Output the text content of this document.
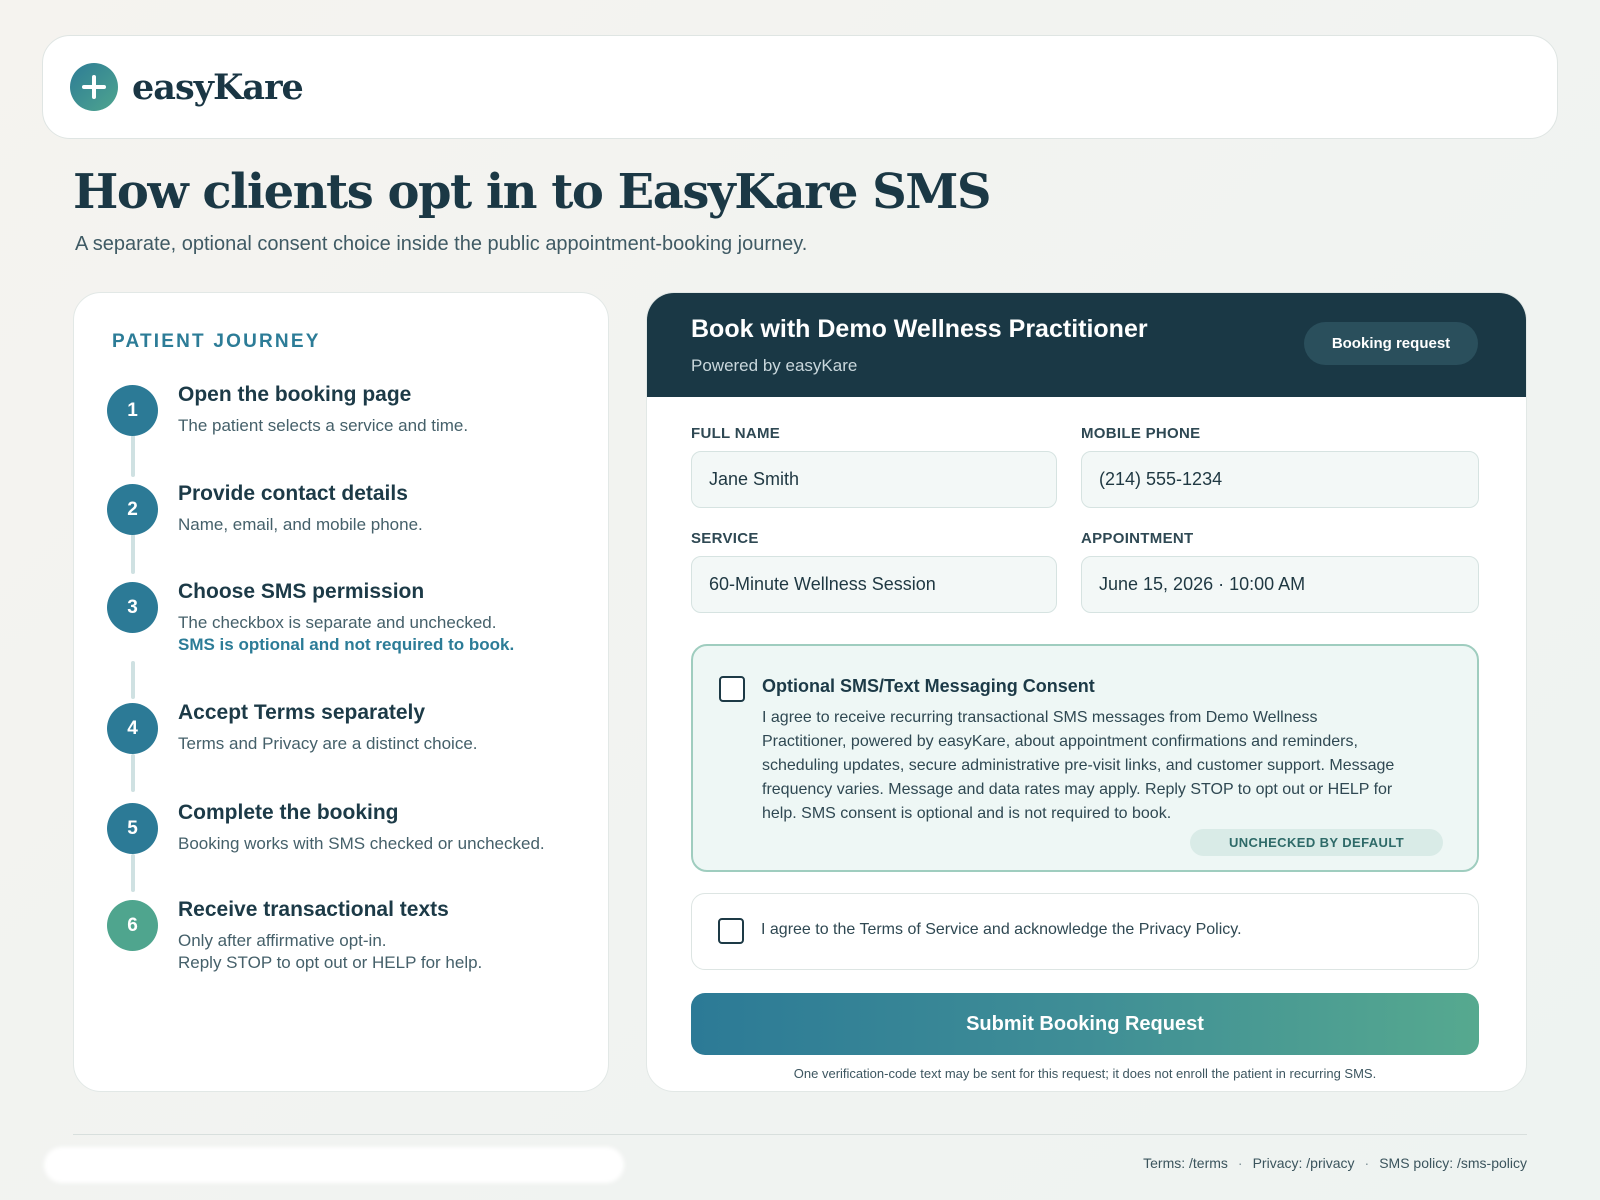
easyKare
How clients opt in to EasyKare SMS

A separate, optional consent choice inside the public appointment-booking journey.

PATIENT JOURNEY
1
Open the booking page
The patient selects a service and time.
2
Provide contact details
Name, email, and mobile phone.
3
Choose SMS permission
The checkbox is separate and unchecked.
SMS is optional and not required to book.
4
Accept Terms separately
Terms and Privacy are a distinct choice.
5
Complete the booking
Booking works with SMS checked or unchecked.
6
Receive transactional texts
Only after affirmative opt-in.
Reply STOP to opt out or HELP for help.
Book with Demo Wellness Practitioner
Powered by easyKare
Booking request
FULL NAME
Jane Smith
MOBILE PHONE
(214) 555-1234
SERVICE
60-Minute Wellness Session
APPOINTMENT
June 15, 2026 · 10:00 AM
Optional SMS/Text Messaging Consent
I agree to receive recurring transactional SMS messages from Demo Wellness Practitioner, powered by easyKare, about appointment confirmations and reminders, scheduling updates, secure administrative pre-visit links, and customer support. Message frequency varies. Message and data rates may apply. Reply STOP to opt out or HELP for help. SMS consent is optional and is not required to book.
UNCHECKED BY DEFAULT
I agree to the Terms of Service and acknowledge the Privacy Policy.
Submit Booking Request
One verification-code text may be sent for this request; it does not enroll the patient in recurring SMS.
Terms: /terms · Privacy: /privacy · SMS policy: /sms-policy
